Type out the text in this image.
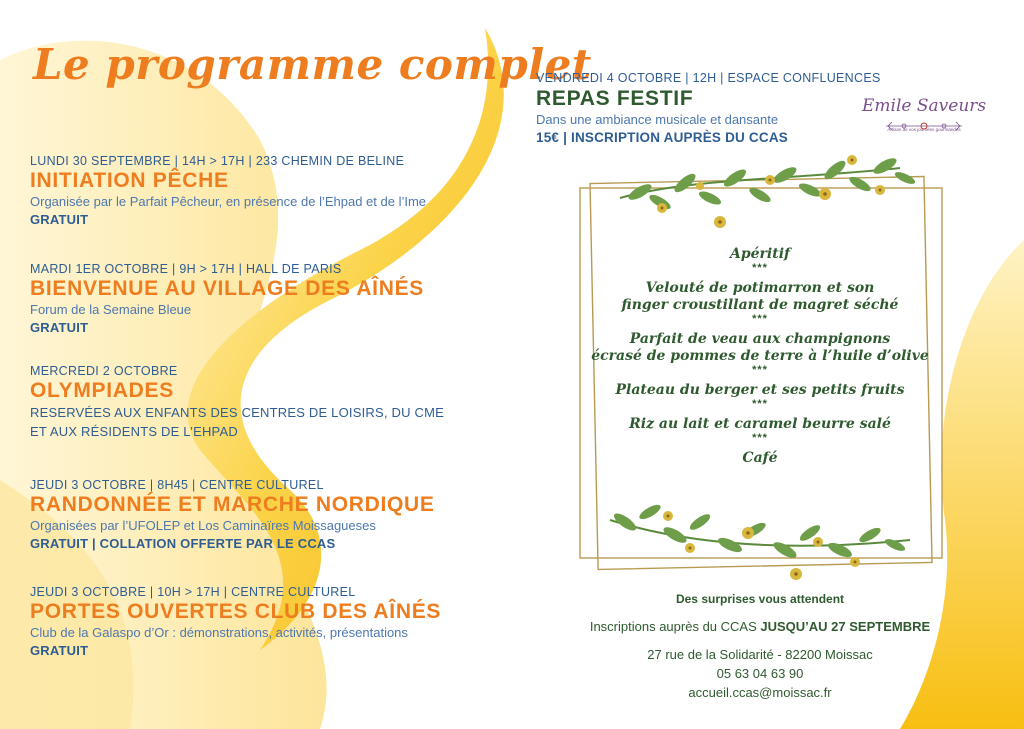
Le programme complet
LUNDI 30 SEPTEMBRE | 14H > 17H | 233 CHEMIN DE BELINE
INITIATION PÊCHE
Organisée par le Parfait Pêcheur, en présence de l’Ehpad et de l’Ime
GRATUIT
MARDI 1ER OCTOBRE | 9H > 17H | HALL DE PARIS
BIENVENUE AU VILLAGE DES AÎNÉS
Forum de la Semaine Bleue
GRATUIT
MERCREDI 2 OCTOBRE
OLYMPIADES
RESERVÉES AUX ENFANTS DES CENTRES DE LOISIRS, DU CME
ET AUX RÉSIDENTS DE L’EHPAD
JEUDI 3 OCTOBRE | 8H45 | CENTRE CULTUREL
RANDONNÉE ET MARCHE NORDIQUE
Organisées par l’UFOLEP et Los Caminaïres Moissagueses
GRATUIT | COLLATION OFFERTE PAR LE CCAS
JEUDI 3 OCTOBRE | 10H > 17H | CENTRE CULTUREL
PORTES OUVERTES CLUB DES AÎNÉS
Club de la Galaspo d’Or : démonstrations, activités, présentations
GRATUIT
VENDREDI 4 OCTOBRE | 12H | ESPACE CONFLUENCES
REPAS FESTIF
Dans une ambiance musicale et dansante
15€ | INSCRIPTION AUPRÈS DU CCAS
Emile Saveurs
Artisan de vos journées gourmandes
Apéritif
***
Velouté de potimarron et son
finger croustillant de magret séché
***
Parfait de veau aux champignons
écrasé de pommes de terre à l’huile d’olive
***
Plateau du berger et ses petits fruits
***
Riz au lait et caramel beurre salé
***
Café
Des surprises vous attendent
Inscriptions auprès du CCAS JUSQU’AU 27 SEPTEMBRE
27 rue de la Solidarité - 82200 Moissac
05 63 04 63 90
accueil.ccas@moissac.fr
